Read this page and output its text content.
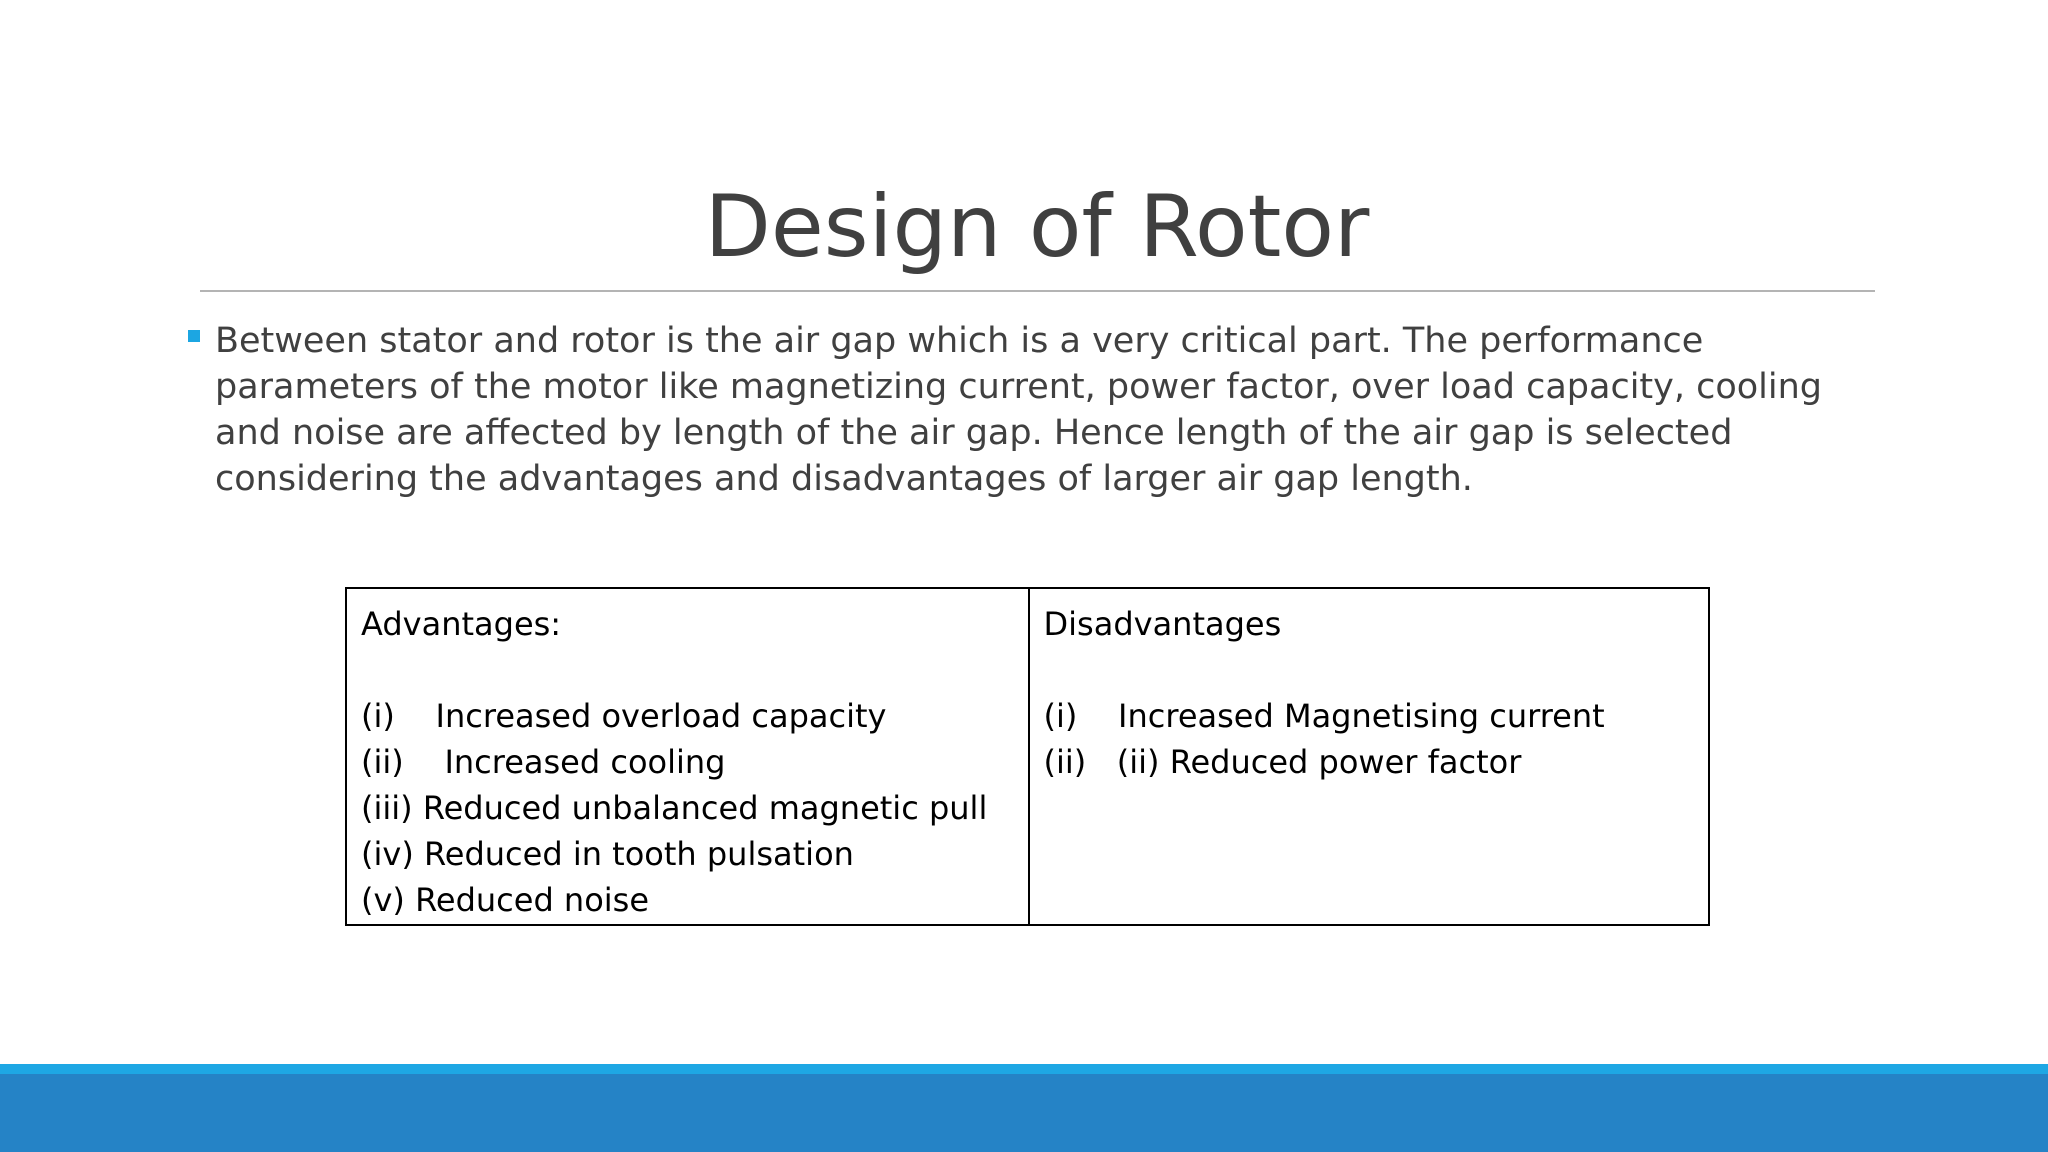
Design of Rotor

Between stator and rotor is the air gap which is a very critical part. The performance parameters of the motor like magnetizing current, power factor, over load capacity, cooling and noise are affected by length of the air gap. Hence length of the air gap is selected considering the advantages and disadvantages of larger air gap length.

Advantages:

(i)    Increased overload capacity
(ii)    Increased cooling
(iii) Reduced unbalanced magnetic pull
(iv) Reduced in tooth pulsation
(v) Reduced noise

Disadvantages

(i)    Increased Magnetising current
(ii)   (ii) Reduced power factor
